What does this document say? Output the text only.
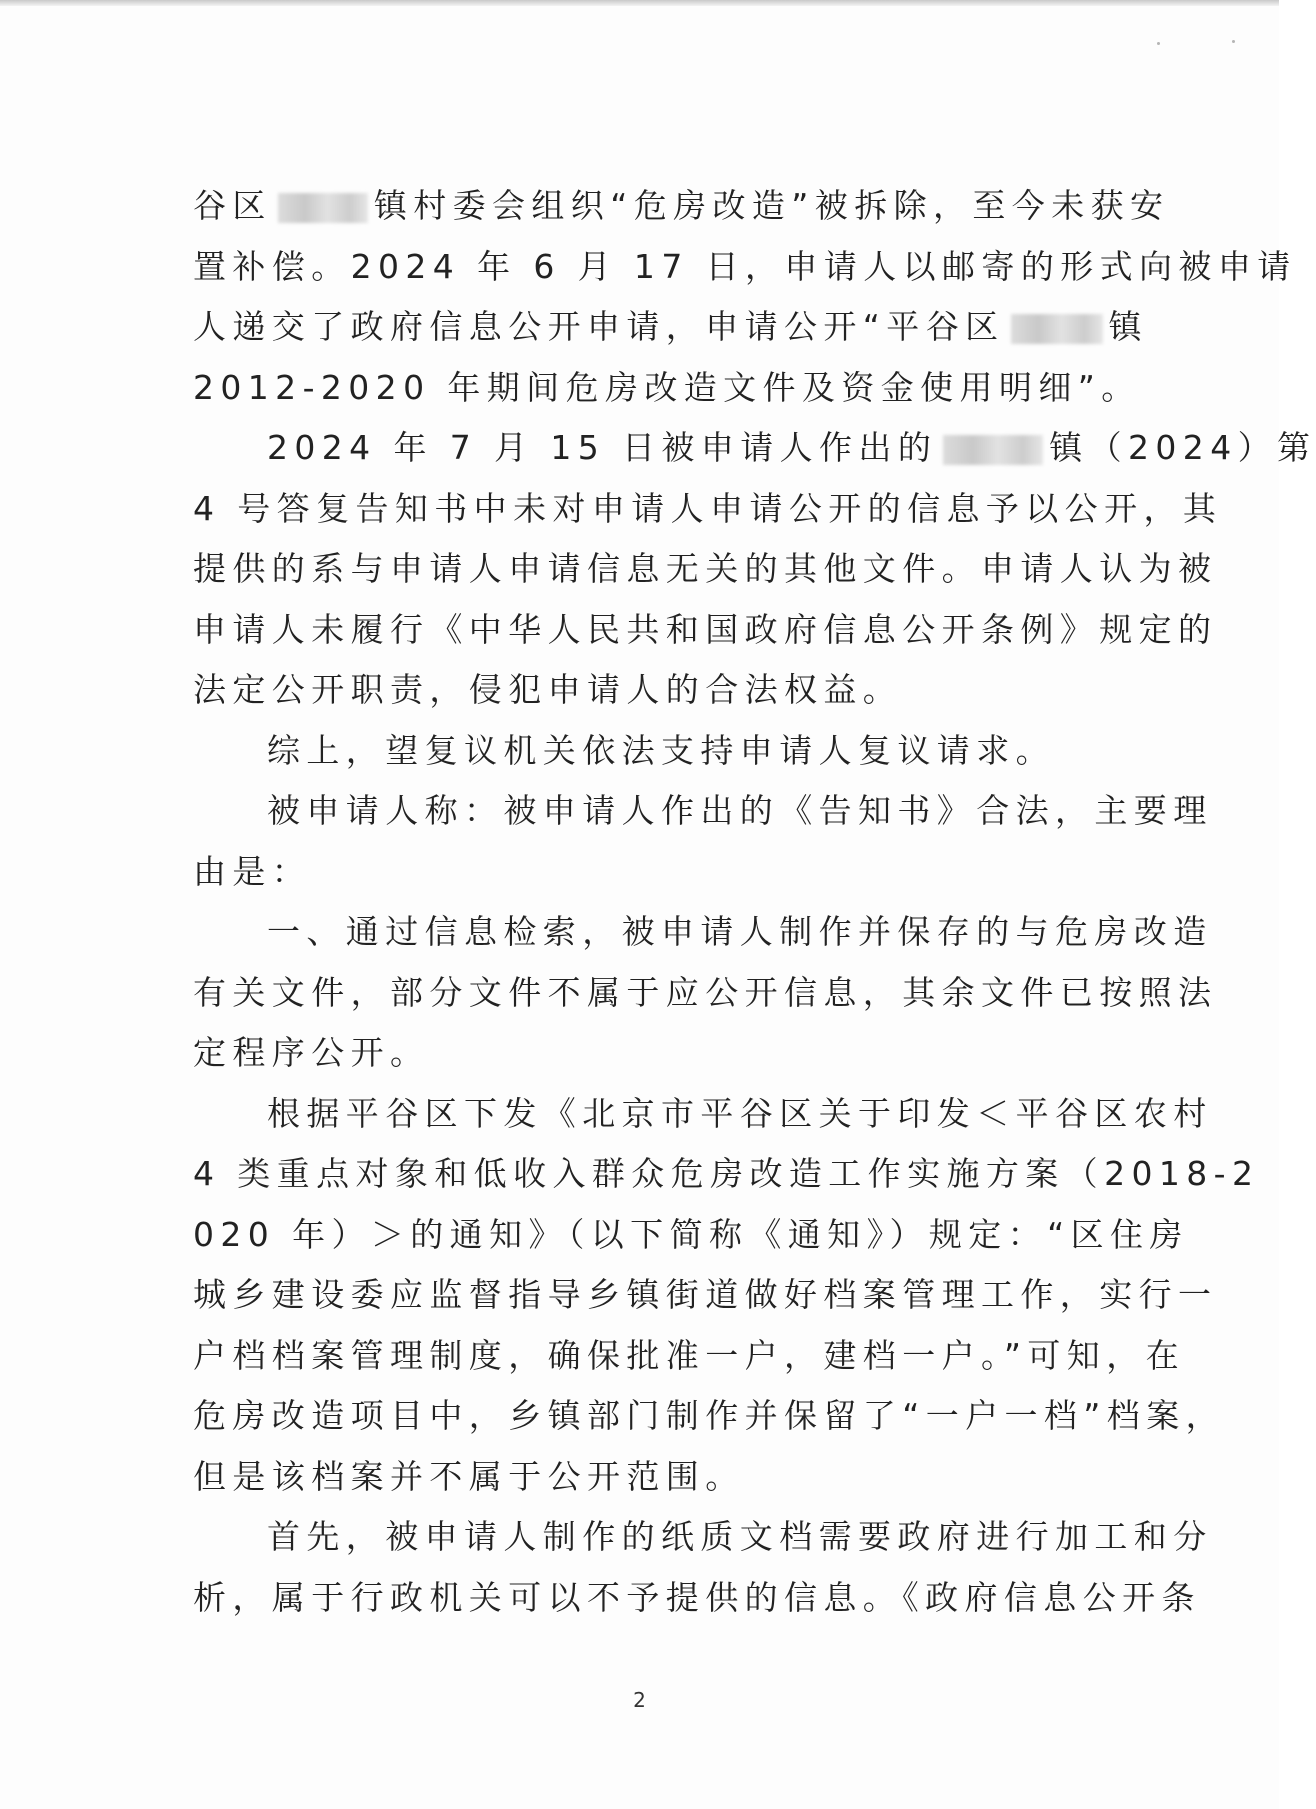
谷区	镇村委会组织“危房改造”被拆除，至今未获安
置补偿。2024 年 6 月 17 日，申请人以邮寄的形式向被申请
人递交了政府信息公开申请，申请公开“平谷区	镇
2012-2020 年期间危房改造文件及资金使用明细”。
2024 年 7 月 15 日被申请人作出的	镇（2024）第
4 号答复告知书中未对申请人申请公开的信息予以公开，其
提供的系与申请人申请信息无关的其他文件。申请人认为被
申请人未履行《中华人民共和国政府信息公开条例》规定的
法定公开职责，侵犯申请人的合法权益。
综上，望复议机关依法支持申请人复议请求。
被申请人称：被申请人作出的《告知书》合法，主要理
由是：
一、通过信息检索，被申请人制作并保存的与危房改造
有关文件，部分文件不属于应公开信息，其余文件已按照法
定程序公开。
根据平谷区下发《北京市平谷区关于印发＜平谷区农村
4 类重点对象和低收入群众危房改造工作实施方案（2018-2
020 年）＞的通知》（以下简称《通知》）规定：“区住房
城乡建设委应监督指导乡镇街道做好档案管理工作，实行一
户档档案管理制度，确保批准一户，建档一户。”可知，在
危房改造项目中，乡镇部门制作并保留了“一户一档”档案，
但是该档案并不属于公开范围。
首先，被申请人制作的纸质文档需要政府进行加工和分
析，属于行政机关可以不予提供的信息。《政府信息公开条
2
